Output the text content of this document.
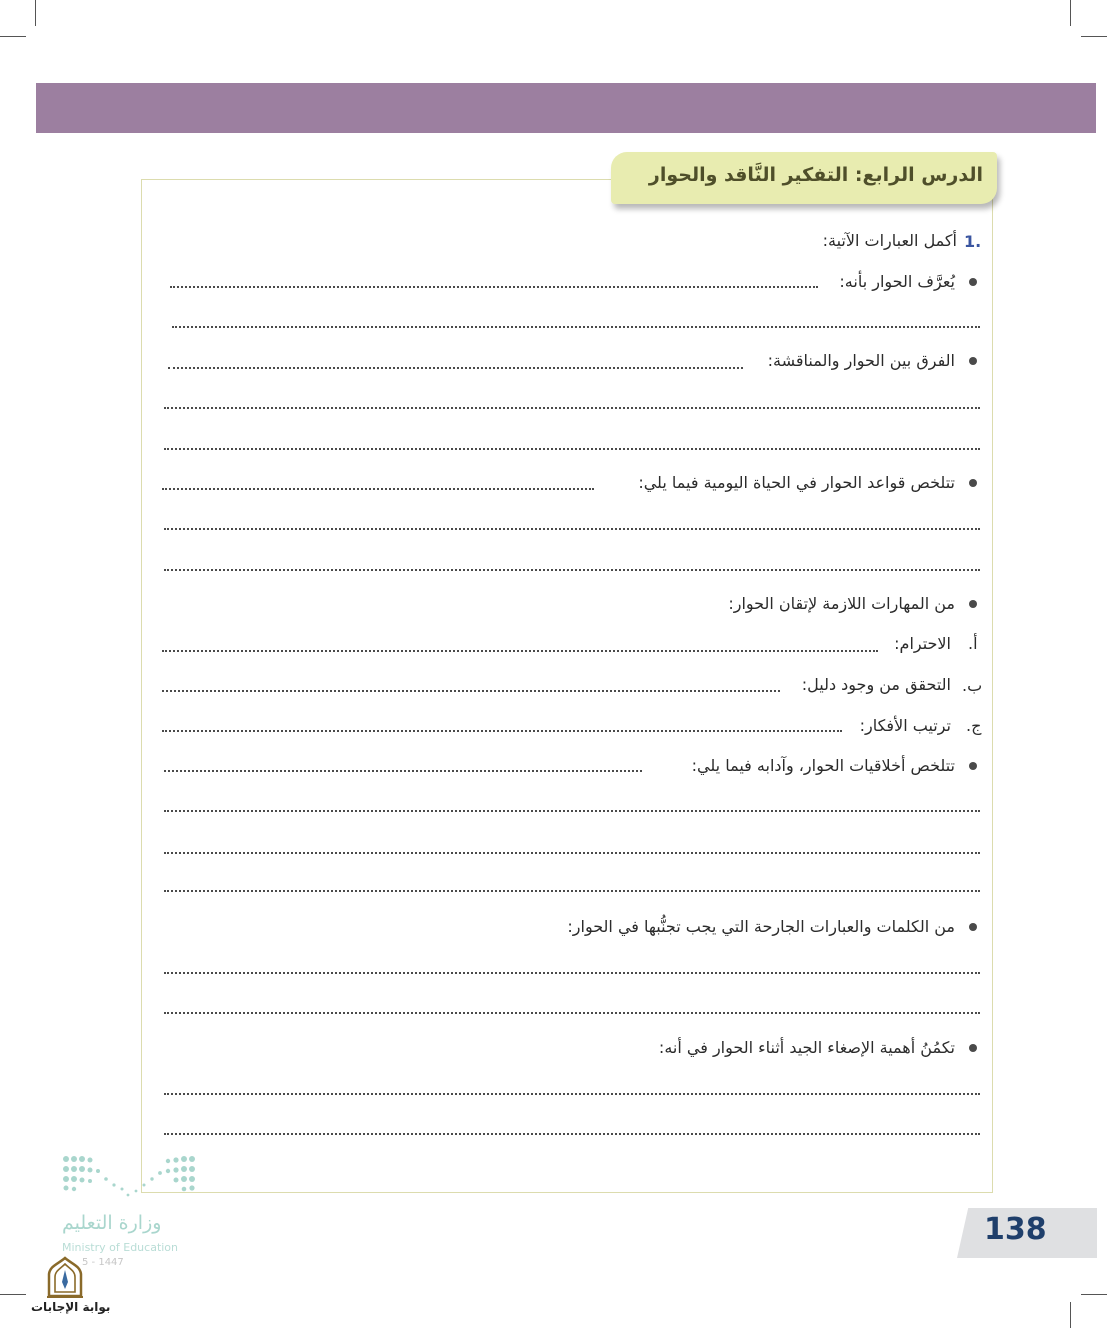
الدرس الرابع: التفكير النَّاقد والحوار
1.
أكمل العبارات الآتية:
يُعرَّف الحوار بأنه:
الفرق بين الحوار والمناقشة:
تتلخص قواعد الحوار في الحياة اليومية فيما يلي:
من المهارات اللازمة لإتقان الحوار:
أ.
الاحترام:
ب.
التحقق من وجود دليل:
ج.
ترتيب الأفكار:
تتلخص أخلاقيات الحوار، وآدابه فيما يلي:
من الكلمات والعبارات الجارحة التي يجب تجنُّبها في الحوار:
تكمُنُ أهمية الإصغاء الجيد أثناء الحوار في أنه:
وزارة التعليم
Ministry of Education
5 - 1447
138
بوابة الإجابات
